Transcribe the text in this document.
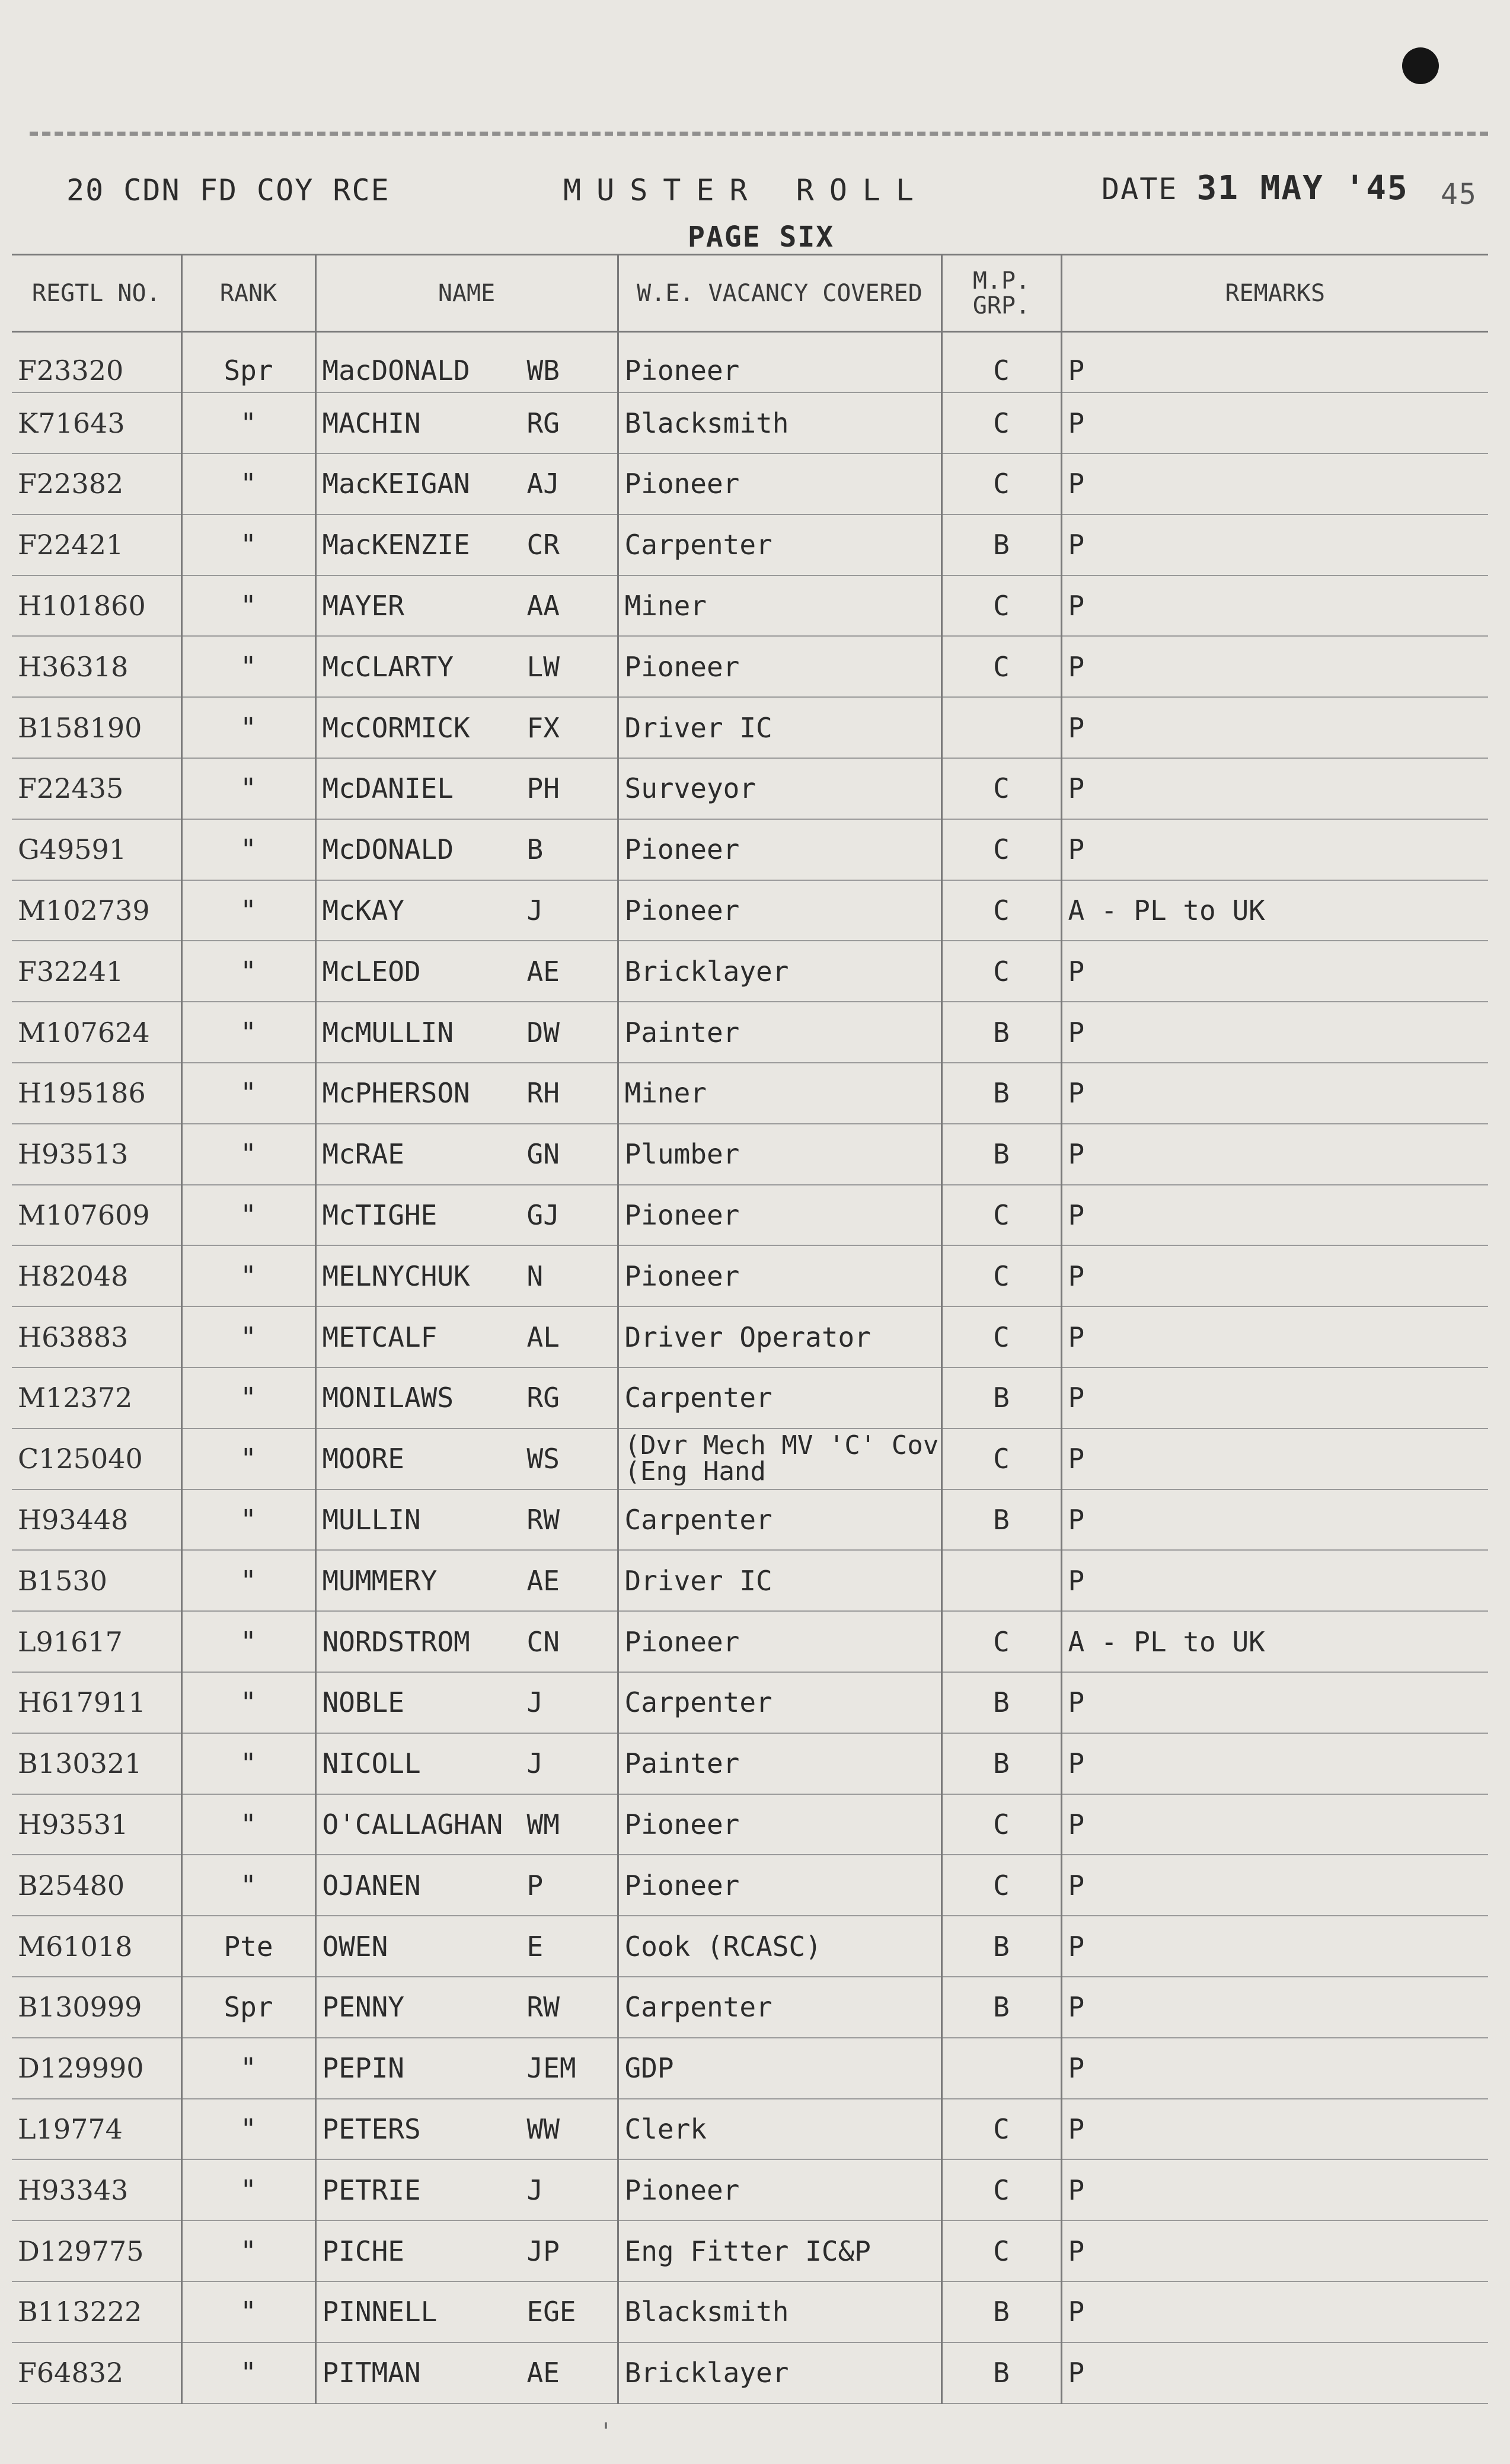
20 CDN FD COY RCE	MUSTER ROLL	DATE 31 MAY '45 45
PAGE SIX
REGTL NO.	RANK	NAME	W.E. VACANCY COVERED	M.P. GRP.	REMARKS
F23320	Spr	MacDONALD WB	Pioneer	C	P
K71643	"	MACHIN RG	Blacksmith	C	P
F22382	"	MacKEIGAN AJ	Pioneer	C	P
F22421	"	MacKENZIE CR	Carpenter	B	P
H101860	"	MAYER AA	Miner	C	P
H36318	"	McCLARTY LW	Pioneer	C	P
B158190	"	McCORMICK FX	Driver IC		P
F22435	"	McDANIEL PH	Surveyor	C	P
G49591	"	McDONALD B	Pioneer	C	P
M102739	"	McKAY J	Pioneer	C	A - PL to UK
F32241	"	McLEOD AE	Bricklayer	C	P
M107624	"	McMULLIN DW	Painter	B	P
H195186	"	McPHERSON RH	Miner	B	P
H93513	"	McRAE GN	Plumber	B	P
M107609	"	McTIGHE GJ	Pioneer	C	P
H82048	"	MELNYCHUK N	Pioneer	C	P
H63883	"	METCALF AL	Driver Operator	C	P
M12372	"	MONILAWS RG	Carpenter	B	P
C125040	"	MOORE WS	(Dvr Mech MV 'C' Cov
(Eng Hand	C	P
H93448	"	MULLIN RW	Carpenter	B	P
B1530	"	MUMMERY AE	Driver IC		P
L91617	"	NORDSTROM CN	Pioneer	C	A - PL to UK
H617911	"	NOBLE J	Carpenter	B	P
B130321	"	NICOLL J	Painter	B	P
H93531	"	O'CALLAGHAN WM	Pioneer	C	P
B25480	"	OJANEN P	Pioneer	C	P
M61018	Pte	OWEN E	Cook (RCASC)	B	P
B130999	Spr	PENNY RW	Carpenter	B	P
D129990	"	PEPIN JEM	GDP		P
L19774	"	PETERS WW	Clerk	C	P
H93343	"	PETRIE J	Pioneer	C	P
D129775	"	PICHE JP	Eng Fitter IC&P	C	P
B113222	"	PINNELL EGE	Blacksmith	B	P
F64832	"	PITMAN AE	Bricklayer	B	P
'
